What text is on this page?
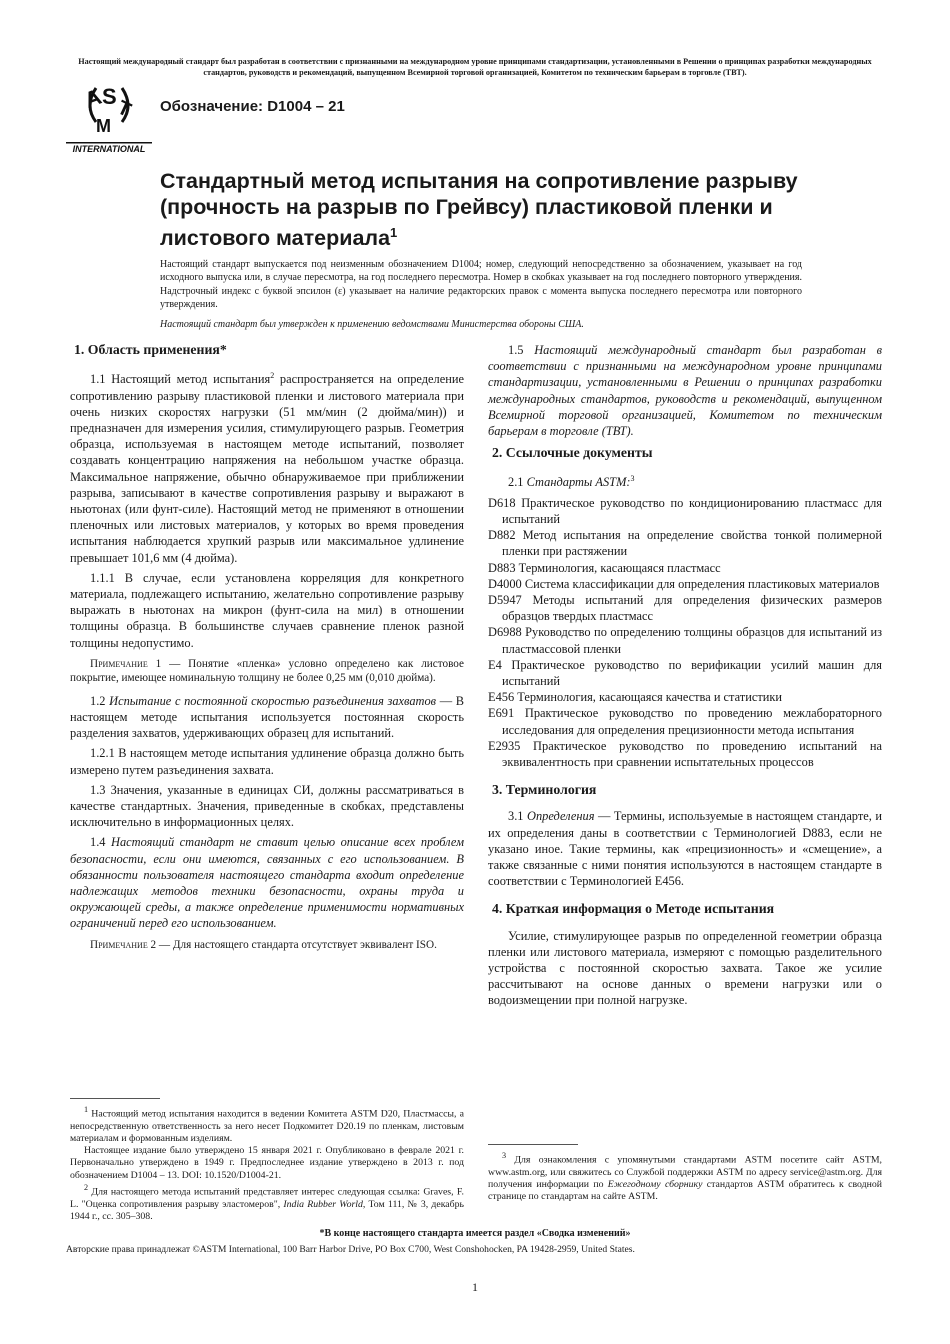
Настоящий международный стандарт был разработан в соответствии с признанными на международном уровне принципами стандартизации, установленными в Решении о принципах разработки международных стандартов, руководств и рекомендаций, выпущенном Всемирной торговой организацией, Комитетом по техническим барьерам в торговле (ТВТ).
A
S
T
M
INTERNATIONAL
Обозначение: D1004 – 21
Стандартный метод испытания на сопротивление разрыву (прочность на разрыв по Грейвсу) пластиковой пленки и листового материала$^1$
Настоящий стандарт выпускается под неизменным обозначением D1004; номер, следующий непосредственно за обозначением, указывает на год исходного выпуска или, в случае пересмотра, на год последнего пересмотра. Номер в скобках указывает на год последнего повторного утверждения. Надстрочный индекс с буквой эпсилон (ε) указывает на наличие редакторских правок с момента выпуска последнего пересмотра или повторного утверждения.
Настоящий стандарт был утвержден к применению ведомствами Министерства обороны США.
1. Область применения*
1.1 Настоящий метод испытания$^2$ распространяется на определение сопротивлению разрыву пластиковой пленки и листового материала при очень низких скоростях нагрузки (51 мм/мин (2 дюйма/мин)) и предназначен для измерения усилия, стимулирующего разрыв. Геометрия образца, используемая в настоящем методе испытаний, позволяет создавать концентрацию напряжения на небольшом участке образца. Максимальное напряжение, обычно обнаруживаемое при приближении разрыва, записывают в качестве сопротивления разрыву и выражают в ньютонах (или фунт-силе). Настоящий метод не применяют в отношении пленочных или листовых материалов, у которых во время проведения испытания наблюдается хрупкий разрыв или максимальное удлинение превышает 101,6 мм (4 дюйма).
1.1.1 В случае, если установлена корреляция для конкретного материала, подлежащего испытанию, желательно сопротивление разрыву выражать в ньютонах на микрон (фунт-сила на мил) в отношении толщины образца. В большинстве случаев сравнение пленок разной толщины недопустимо.
Примечание 1 — Понятие «пленка» условно определено как листовое покрытие, имеющее номинальную толщину не более 0,25 мм (0,010 дюйма).
1.2 Испытание с постоянной скоростью разъединения захватов — В настоящем методе испытания используется постоянная скорость разделения захватов, удерживающих образец для испытаний.
1.2.1 В настоящем методе испытания удлинение образца должно быть измерено путем разъединения захвата.
1.3 Значения, указанные в единицах СИ, должны рассматриваться в качестве стандартных. Значения, приведенные в скобках, представлены исключительно в информационных целях.
1.4 Настоящий стандарт не ставит целью описание всех проблем безопасности, если они имеются, связанных с его использованием. В обязанности пользователя настоящего стандарта входит определение надлежащих методов техники безопасности, охраны труда и окружающей среды, а также определение применимости нормативных ограничений перед его использованием.
Примечание 2 — Для настоящего стандарта отсутствует эквивалент ISO.
1.5 Настоящий международный стандарт был разработан в соответствии с признанными на международном уровне принципами стандартизации, установленными в Решении о принципах разработки международных стандартов, руководств и рекомендаций, выпущенном Всемирной торговой организацией, Комитетом по техническим барьерам в торговле (ТВТ).
2. Ссылочные документы
2.1 Стандарты ASTM:$^3$
D618 Практическое руководство по кондиционированию пластмасс для испытаний
D882 Метод испытания на определение свойства тонкой полимерной пленки при растяжении
D883 Терминология, касающаяся пластмасс
D4000 Система классификации для определения пластиковых материалов
D5947 Методы испытаний для определения физических размеров образцов твердых пластмасс
D6988 Руководство по определению толщины образцов для испытаний из пластмассовой пленки
E4 Практическое руководство по верификации усилий машин для испытаний
E456 Терминология, касающаяся качества и статистики
E691 Практическое руководство по проведению межлабораторного исследования для определения прецизионности метода испытания
E2935 Практическое руководство по проведению испытаний на эквивалентность при сравнении испытательных процессов
3. Терминология
3.1 Определения — Термины, используемые в настоящем стандарте, и их определения даны в соответствии с Терминологией D883, если не указано иное. Такие термины, как «прецизионность» и «смещение», а также связанные с ними понятия используются в настоящем стандарте в соответствии с Терминологией E456.
4. Краткая информация о Методе испытания
Усилие, стимулирующее разрыв по определенной геометрии образца пленки или листового материала, измеряют с помощью разделительного устройства с постоянной скоростью захвата. Такое же усилие рассчитывают на основе данных о времени нагрузки или о водоизмещении при полной нагрузке.

$^1$ Настоящий метод испытания находится в ведении Комитета ASTM D20, Пластмассы, а непосредственную ответственность за него несет Подкомитет D20.19 по пленкам, листовым материалам и формованным изделиям.

Настоящее издание было утверждено 15 января 2021 г. Опубликовано в феврале 2021 г. Первоначально утверждено в 1949 г. Предпоследнее издание утверждено в 2013 г. под обозначением D1004 – 13. DOI: 10.1520/D1004-21.

$^2$ Для настоящего метода испытаний представляет интерес следующая ссылка: Graves, F. L. "Оценка сопротивления разрыву эластомеров", India Rubber World, Том 111, № 3, декабрь 1944 г., сс. 305–308.

$^3$ Для ознакомления с упомянутыми стандартами ASTM посетите сайт ASTM, www.astm.org, или свяжитесь со Службой поддержки ASTM по адресу service@astm.org. Для получения информации по Ежегодному сборнику стандартов ASTM обратитесь к сводной странице по стандартам на сайте ASTM.

*В конце настоящего стандарта имеется раздел «Сводка изменений»
Авторские права принадлежат ©ASTM International, 100 Barr Harbor Drive, PO Box C700, West Conshohocken, PA 19428-2959, United States.
1
